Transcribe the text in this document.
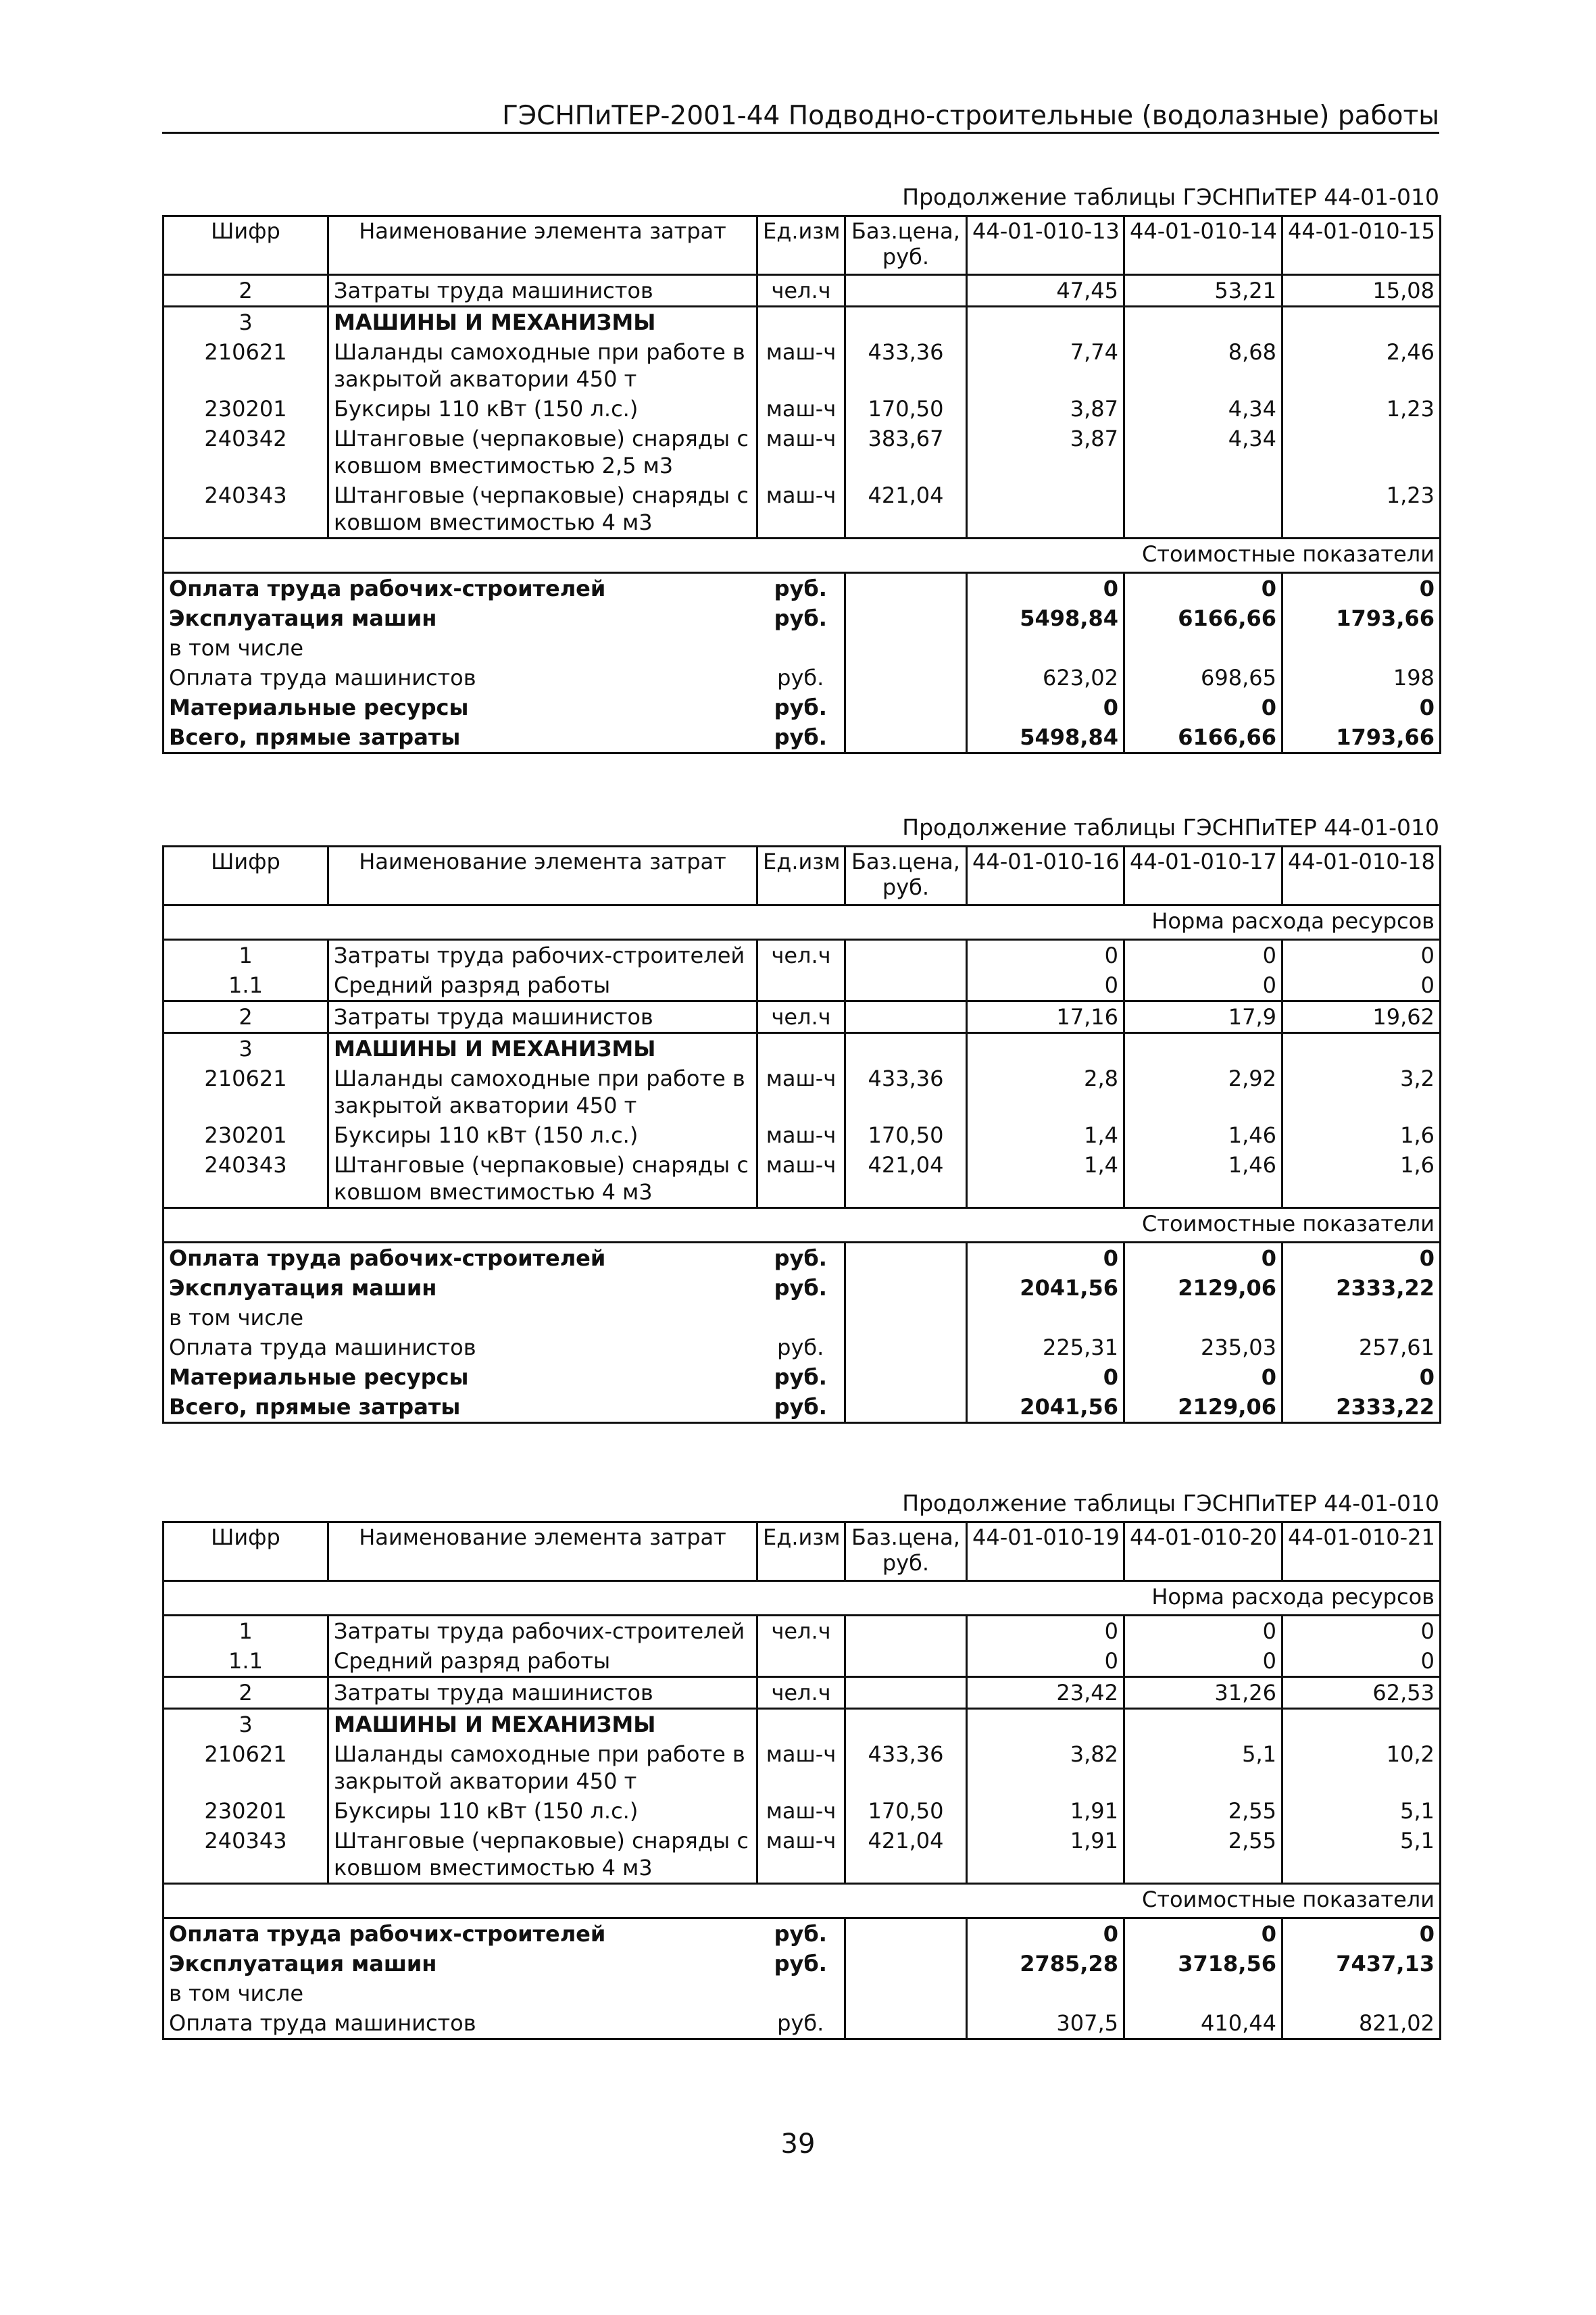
ГЭСНПиТЕР-2001-44 Подводно-строительные (водолазные) работы
Продолжение таблицы ГЭСНПиТЕР 44-01-010
Шифр	Наименование элемента затрат	Ед.изм	Баз.цена, руб.	44-01-010-13	44-01-010-14	44-01-010-15
2	Затраты труда машинистов	чел.ч		47,45	53,21	15,08
3	МАШИНЫ И МЕХАНИЗМЫ					
210621	Шаланды самоходные при работе в закрытой акватории 450 т	маш-ч	433,36	7,74	8,68	2,46
230201	Буксиры 110 кВт (150 л.с.)	маш-ч	170,50	3,87	4,34	1,23
240342	Штанговые (черпаковые) снаряды с ковшом вместимостью 2,5 м3	маш-ч	383,67	3,87	4,34	
240343	Штанговые (черпаковые) снаряды с ковшом вместимостью 4 м3	маш-ч	421,04			1,23
Стоимостные показатели						
Оплата труда рабочих-строителей		руб.		0	0	0
Эксплуатация машин		руб.		5498,84	6166,66	1793,66
в том числе						
Оплата труда машинистов		руб.		623,02	698,65	198
Материальные ресурсы		руб.		0	0	0
Всего, прямые затраты		руб.		5498,84	6166,66	1793,66
Продолжение таблицы ГЭСНПиТЕР 44-01-010
Шифр	Наименование элемента затрат	Ед.изм	Баз.цена, руб.	44-01-010-16	44-01-010-17	44-01-010-18
Норма расхода ресурсов						
1	Затраты труда рабочих-строителей	чел.ч		0	0	0
1.1	Средний разряд работы			0	0	0
2	Затраты труда машинистов	чел.ч		17,16	17,9	19,62
3	МАШИНЫ И МЕХАНИЗМЫ					
210621	Шаланды самоходные при работе в закрытой акватории 450 т	маш-ч	433,36	2,8	2,92	3,2
230201	Буксиры 110 кВт (150 л.с.)	маш-ч	170,50	1,4	1,46	1,6
240343	Штанговые (черпаковые) снаряды с ковшом вместимостью 4 м3	маш-ч	421,04	1,4	1,46	1,6
Стоимостные показатели						
Оплата труда рабочих-строителей		руб.		0	0	0
Эксплуатация машин		руб.		2041,56	2129,06	2333,22
в том числе						
Оплата труда машинистов		руб.		225,31	235,03	257,61
Материальные ресурсы		руб.		0	0	0
Всего, прямые затраты		руб.		2041,56	2129,06	2333,22
Продолжение таблицы ГЭСНПиТЕР 44-01-010
Шифр	Наименование элемента затрат	Ед.изм	Баз.цена, руб.	44-01-010-19	44-01-010-20	44-01-010-21
Норма расхода ресурсов						
1	Затраты труда рабочих-строителей	чел.ч		0	0	0
1.1	Средний разряд работы			0	0	0
2	Затраты труда машинистов	чел.ч		23,42	31,26	62,53
3	МАШИНЫ И МЕХАНИЗМЫ					
210621	Шаланды самоходные при работе в закрытой акватории 450 т	маш-ч	433,36	3,82	5,1	10,2
230201	Буксиры 110 кВт (150 л.с.)	маш-ч	170,50	1,91	2,55	5,1
240343	Штанговые (черпаковые) снаряды с ковшом вместимостью 4 м3	маш-ч	421,04	1,91	2,55	5,1
Стоимостные показатели						
Оплата труда рабочих-строителей		руб.		0	0	0
Эксплуатация машин		руб.		2785,28	3718,56	7437,13
в том числе						
Оплата труда машинистов		руб.		307,5	410,44	821,02
39
